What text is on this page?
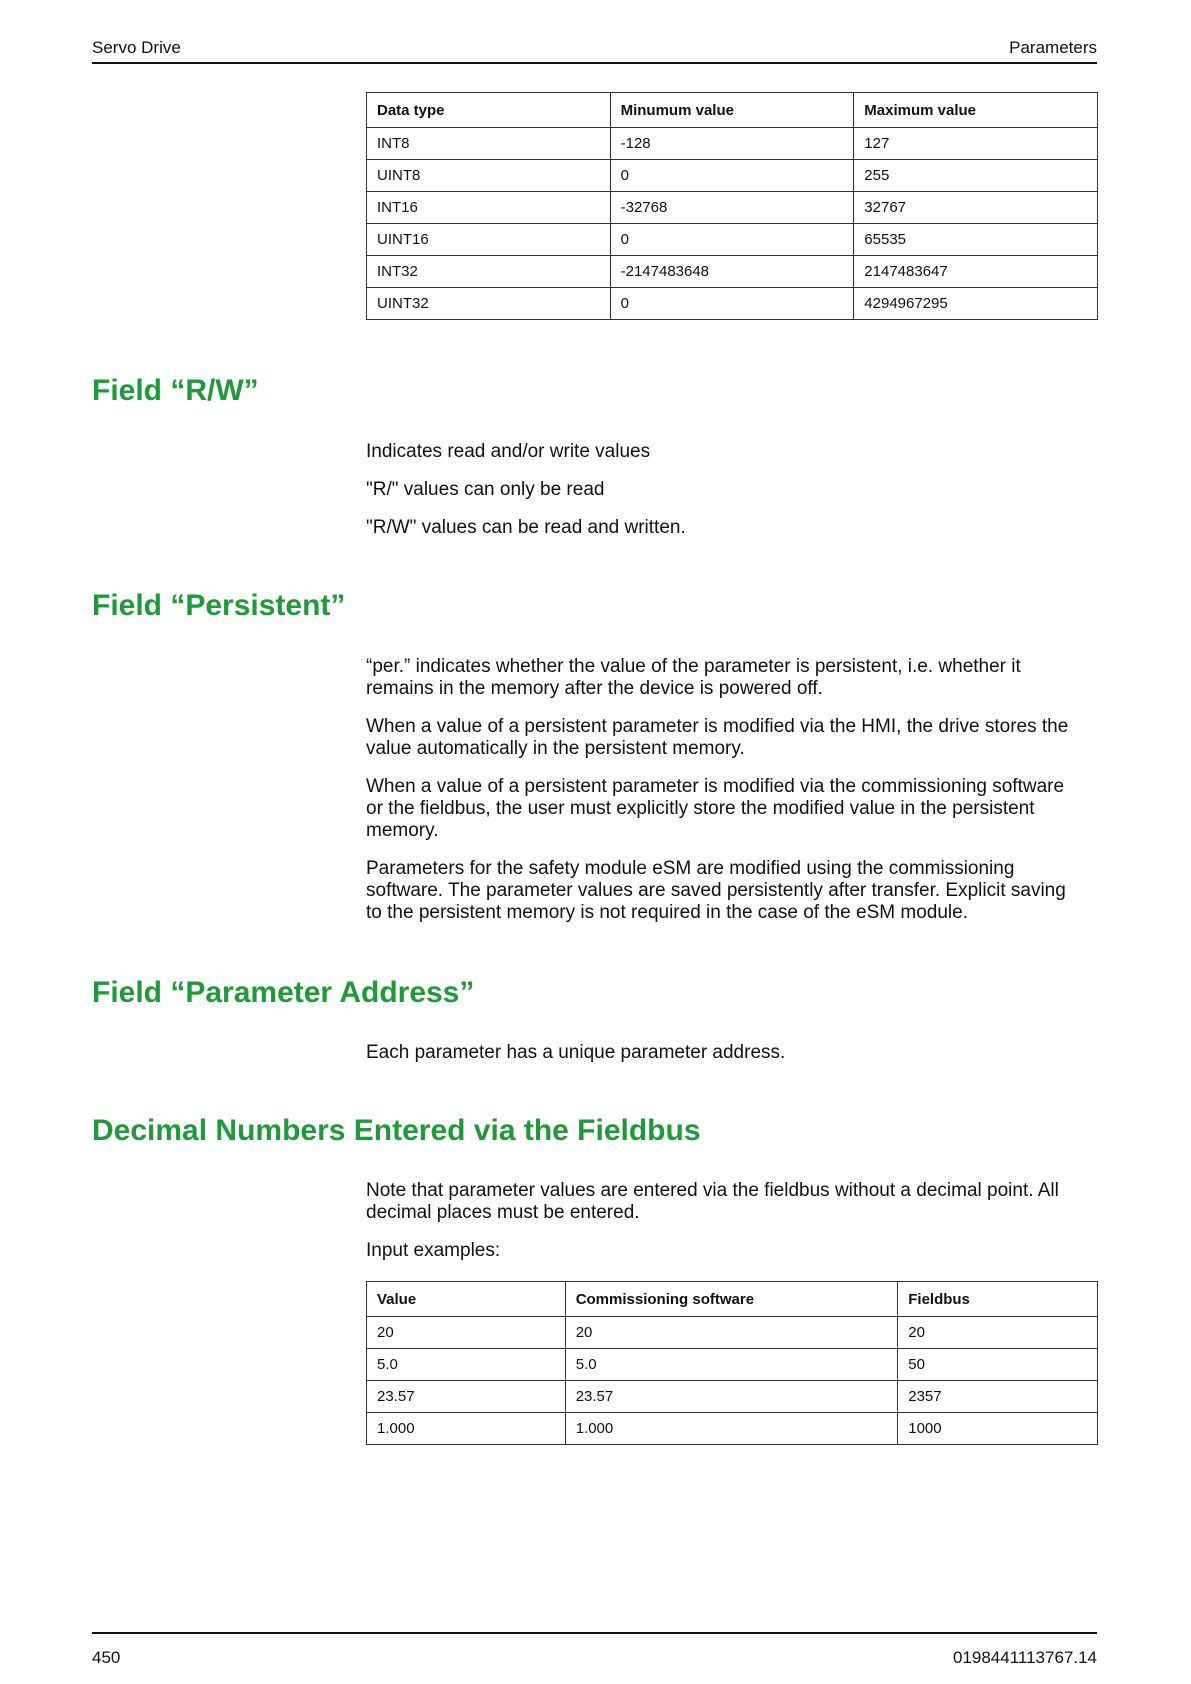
Servo Drive	Parameters
Data type	Minumum value	Maximum value
INT8	-128	127
UINT8	0	255
INT16	-32768	32767
UINT16	0	65535
INT32	-2147483648	2147483647
UINT32	0	4294967295
Field “R/W”

Indicates read and/or write values

"R/" values can only be read

"R/W" values can be read and written.

Field “Persistent”

“per.” indicates whether the value of the parameter is persistent, i.e. whether it remains in the memory after the device is powered off.

When a value of a persistent parameter is modified via the HMI, the drive stores the value automatically in the persistent memory.

When a value of a persistent parameter is modified via the commissioning software or the fieldbus, the user must explicitly store the modified value in the persistent memory.

Parameters for the safety module eSM are modified using the commissioning software. The parameter values are saved persistently after transfer. Explicit saving to the persistent memory is not required in the case of the eSM module.

Field “Parameter Address”

Each parameter has a unique parameter address.

Decimal Numbers Entered via the Fieldbus

Note that parameter values are entered via the fieldbus without a decimal point. All decimal places must be entered.

Input examples:

Value	Commissioning software	Fieldbus
20	20	20
5.0	5.0	50
23.57	23.57	2357
1.000	1.000	1000
450	0198441113767.14
